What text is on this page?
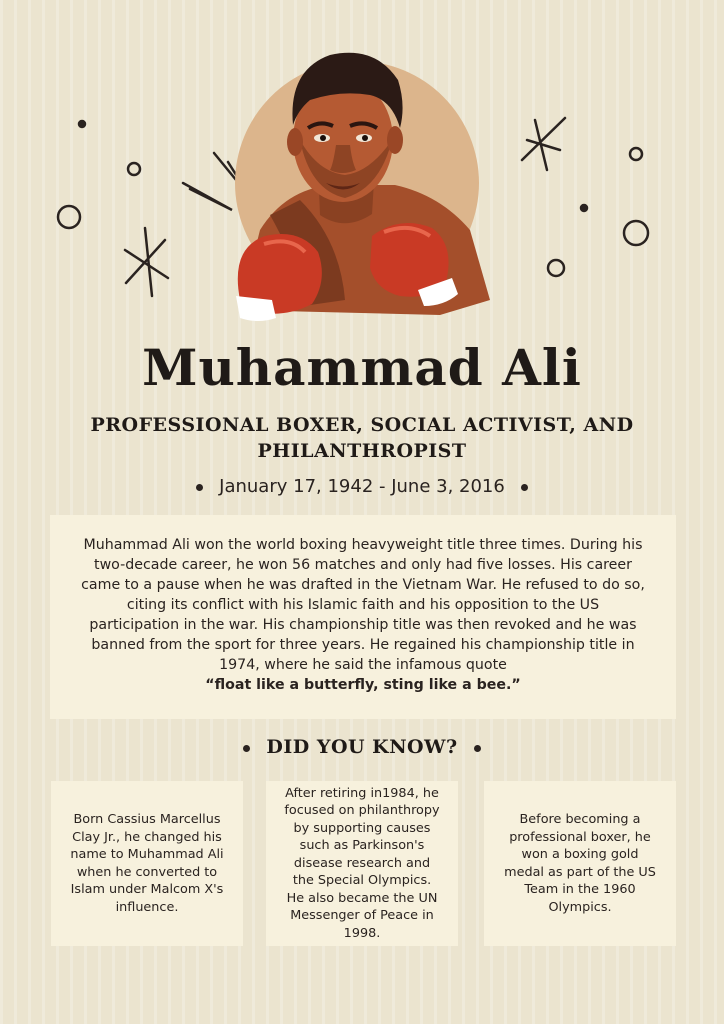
Muhammad Ali
PROFESSIONAL BOXER, SOCIAL ACTIVIST, AND PHILANTHROPIST
January 17, 1942 - June 3, 2016
Muhammad Ali won the world boxing heavyweight title three times. During his two-decade career, he won 56 matches and only had five losses. His career came to a pause when he was drafted in the Vietnam War. He refused to do so, citing its conflict with his Islamic faith and his opposition to the US participation in the war. His championship title was then revoked and he was banned from the sport for three years. He regained his championship title in 1974, where he said the infamous quote
“float like a butterfly, sting like a bee.”
DID YOU KNOW?
Born Cassius Marcellus Clay Jr., he changed his name to Muhammad Ali when he converted to Islam under Malcom X's influence.
After retiring in1984, he focused on philanthropy by supporting causes such as Parkinson's disease research and the Special Olympics. He also became the UN Messenger of Peace in 1998.
Before becoming a professional boxer, he won a boxing gold medal as part of the US Team in the 1960 Olympics.
